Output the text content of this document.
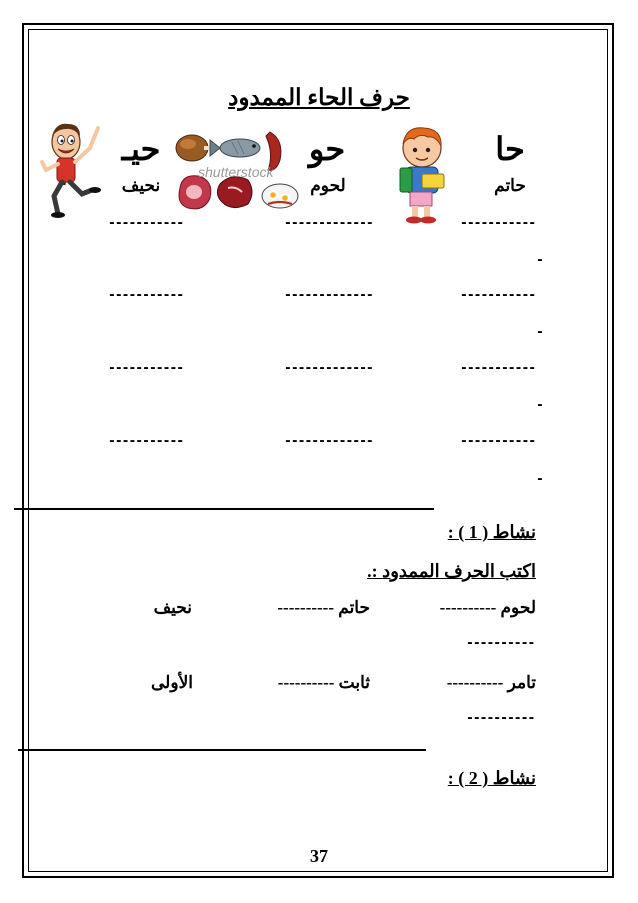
حرف الحاء الممدود
حا
حو
حيـ
حاتم
لحوم
نحيف
shutterstock
-----------
-------------
-----------
-
-----------
-------------
-----------
-
-----------
-------------
-----------
-
-----------
-------------
-----------
-
: ( نشاط ( 1
.: اكتب الحرف الممدود
لحوم ----------
حاتم ----------
نحيف
----------
تامر ----------
ثابت ----------
الأولى
----------
: ( نشاط ( 2
37
